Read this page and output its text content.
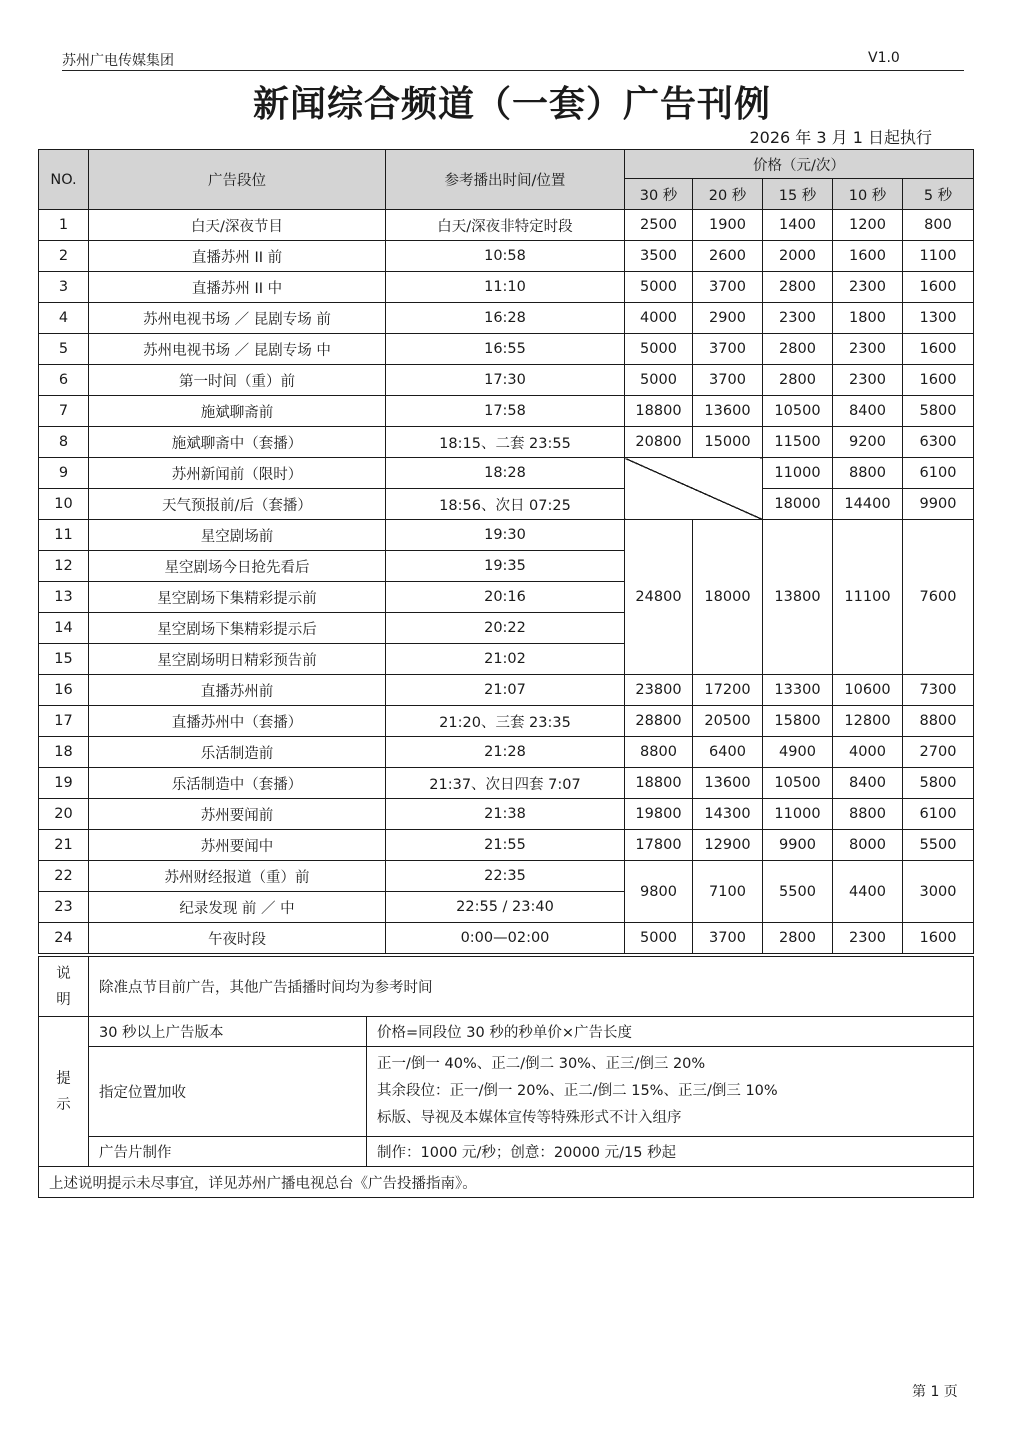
苏州广电传媒集团	V1.0
新闻综合频道（一套）广告刊例
2026 年 3 月 1 日起执行
NO.	广告段位	参考播出时间/位置	价格（元/次）				
			30 秒	20 秒	15 秒	10 秒	5 秒
1	白天/深夜节目	白天/深夜非特定时段	2500	1900	1400	1200	800
2	直播苏州 II 前	10:58	3500	2600	2000	1600	1100
3	直播苏州 II 中	11:10	5000	3700	2800	2300	1600
4	苏州电视书场 ／ 昆剧专场 前	16:28	4000	2900	2300	1800	1300
5	苏州电视书场 ／ 昆剧专场 中	16:55	5000	3700	2800	2300	1600
6	第一时间（重）前	17:30	5000	3700	2800	2300	1600
7	施斌聊斋前	17:58	18800	13600	10500	8400	5800
8	施斌聊斋中（套播）	18:15、二套 23:55	20800	15000	11500	9200	6300
9	苏州新闻前（限时）	18:28			11000	8800	6100
10	天气预报前/后（套播）	18:56、次日 07:25			18000	14400	9900
11	星空剧场前	19:30	24800	18000	13800	11100	7600
12	星空剧场今日抢先看后	19:35					
13	星空剧场下集精彩提示前	20:16					
14	星空剧场下集精彩提示后	20:22					
15	星空剧场明日精彩预告前	21:02					
16	直播苏州前	21:07	23800	17200	13300	10600	7300
17	直播苏州中（套播）	21:20、三套 23:35	28800	20500	15800	12800	8800
18	乐活制造前	21:28	8800	6400	4900	4000	2700
19	乐活制造中（套播）	21:37、次日四套 7:07	18800	13600	10500	8400	5800
20	苏州要闻前	21:38	19800	14300	11000	8800	6100
21	苏州要闻中	21:55	17800	12900	9900	8000	5500
22	苏州财经报道（重）前	22:35	9800	7100	5500	4400	3000
23	纪录发现 前 ／ 中	22:55 / 23:40					
24	午夜时段	0:00—02:00	5000	3700	2800	2300	1600
说
明	除准点节目前广告，其他广告插播时间均为参考时间	

提
示	30 秒以上广告版本	价格=同段位 30 秒的秒单价×广告长度
	指定位置加收	正一/倒一 40%、正二/倒二 30%、正三/倒三 20%
其余段位：正一/倒一 20%、正二/倒二 15%、正三/倒三 10%
标版、导视及本媒体宣传等特殊形式不计入组序

	广告片制作	制作：1000 元/秒；创意：20000 元/15 秒起
上述说明提示未尽事宜，详见苏州广播电视总台《广告投播指南》。		
第 1 页
